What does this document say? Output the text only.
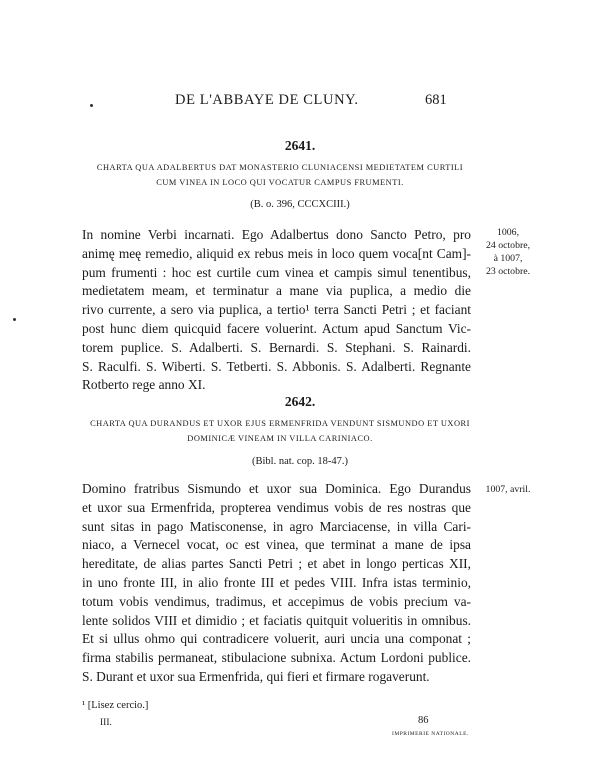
DE L'ABBAYE DE CLUNY.	681
2641.
CHARTA QUA ADALBERTUS DAT MONASTERIO CLUNIACENSI MEDIETATEM CURTILI
CUM VINEA IN LOCO QUI VOCATUR CAMPUS FRUMENTI.
(B. o. 396, CCCXCIII.)
1006,
24 octobre,
à 1007,
23 octobre.
In nomine Verbi incarnati. Ego Adalbertus dono Sancto Petro, pro
animę meę remedio, aliquid ex rebus meis in loco quem voca[nt Cam]-
pum frumenti : hoc est curtile cum vinea et campis simul tenentibus,
medietatem meam, et terminatur a mane via puplica, a medio die
rivo currente, a sero via puplica, a tertio¹ terra Sancti Petri ; et faciant
post hunc diem quicquid facere voluerint. Actum apud Sanctum Vic-
torem puplice. S. Adalberti. S. Bernardi. S. Stephani. S. Rainardi.
S. Raculfi. S. Wiberti. S. Tetberti. S. Abbonis. S. Adalberti. Regnante
Rotberto rege anno XI.
2642.
CHARTA QUA DURANDUS ET UXOR EJUS ERMENFRIDA VENDUNT SISMUNDO ET UXORI
DOMINICÆ VINEAM IN VILLA CARINIACO.
(Bibl. nat. cop. 18-47.)
1007, avril.
Domino fratribus Sismundo et uxor sua Dominica. Ego Durandus
et uxor sua Ermenfrida, propterea vendimus vobis de res nostras que
sunt sitas in pago Matisconense, in agro Marciacense, in villa Cari-
niaco, a Vernecel vocat, oc est vinea, que terminat a mane de ipsa
hereditate, de alias partes Sancti Petri ; et abet in longo perticas XII,
in uno fronte III, in alio fronte III et pedes VIII. Infra istas terminio,
totum vobis vendimus, tradimus, et accepimus de vobis precium va-
lente solidos VIII et dimidio ; et faciatis quitquit volueritis in omnibus.
Et si ullus ohmo qui contradicere voluerit, auri uncia una componat ;
firma stabilis permaneat, stibulacione subnixa. Actum Lordoni publice.
S. Durant et uxor sua Ermenfrida, qui fieri et firmare rogaverunt.
¹ [Lisez cercio.]
III.	86
IMPRIMERIE NATIONALE.
